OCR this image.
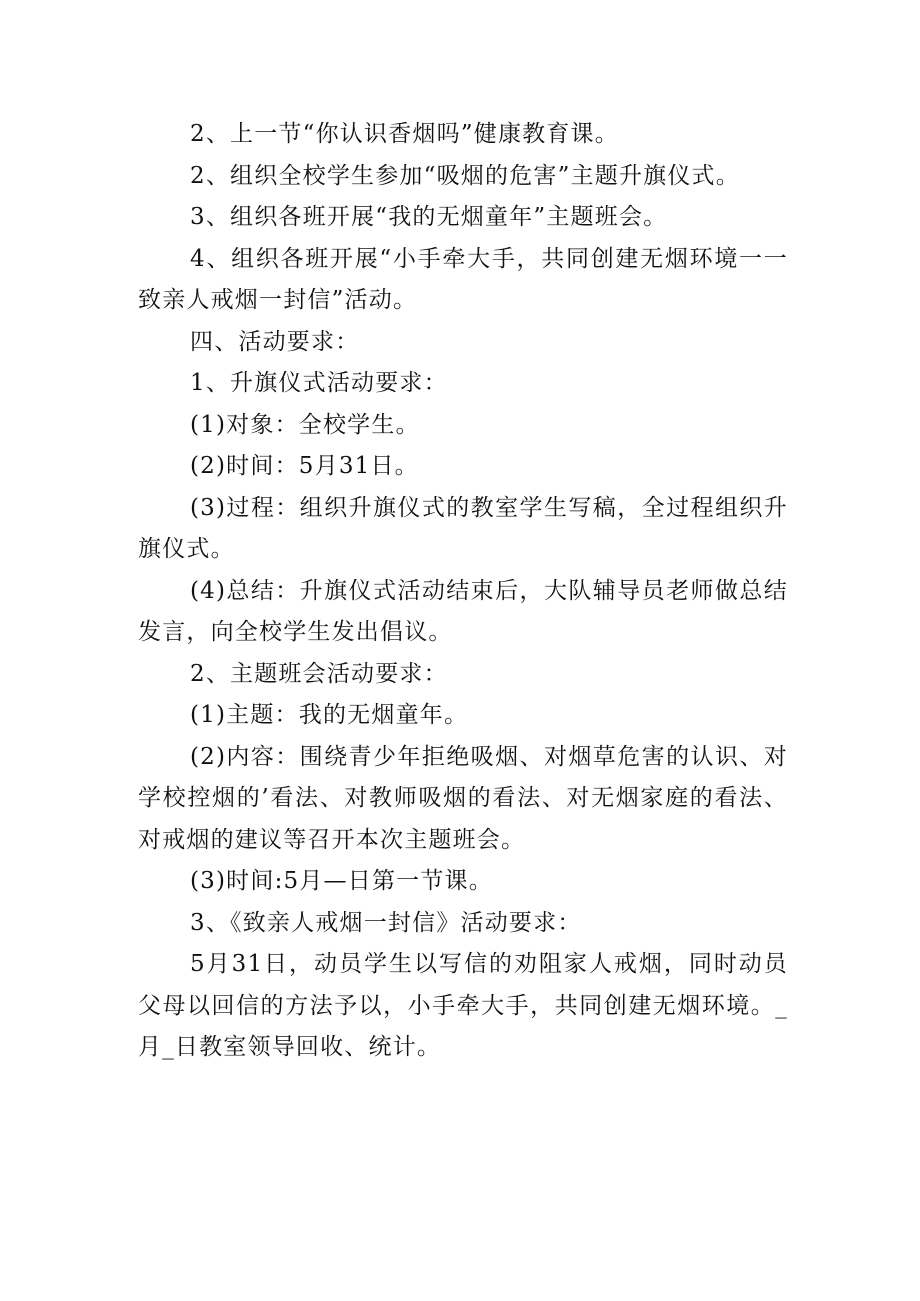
2、上一节“你认识香烟吗”健康教育课。

2、组织全校学生参加“吸烟的危害”主题升旗仪式。

3、组织各班开展“我的无烟童年”主题班会。

4、组织各班开展“小手牵大手，共同创建无烟环境一一致亲人戒烟一封信”活动。

四、活动要求：

1、升旗仪式活动要求：

(1)对象：全校学生。

(2)时间：5月31日。

(3)过程：组织升旗仪式的教室学生写稿，全过程组织升旗仪式。

(4)总结：升旗仪式活动结束后，大队辅导员老师做总结发言，向全校学生发出倡议。

2、主题班会活动要求：

(1)主题：我的无烟童年。

(2)内容：围绕青少年拒绝吸烟、对烟草危害的认识、对学校控烟的’看法、对教师吸烟的看法、对无烟家庭的看法、对戒烟的建议等召开本次主题班会。

(3)时间:5月—日第一节课。

3、《致亲人戒烟一封信》活动要求：

5月31日，动员学生以写信的劝阻家人戒烟，同时动员父母以回信的方法予以，小手牵大手，共同创建无烟环境。_月_日教室领导回收、统计。
